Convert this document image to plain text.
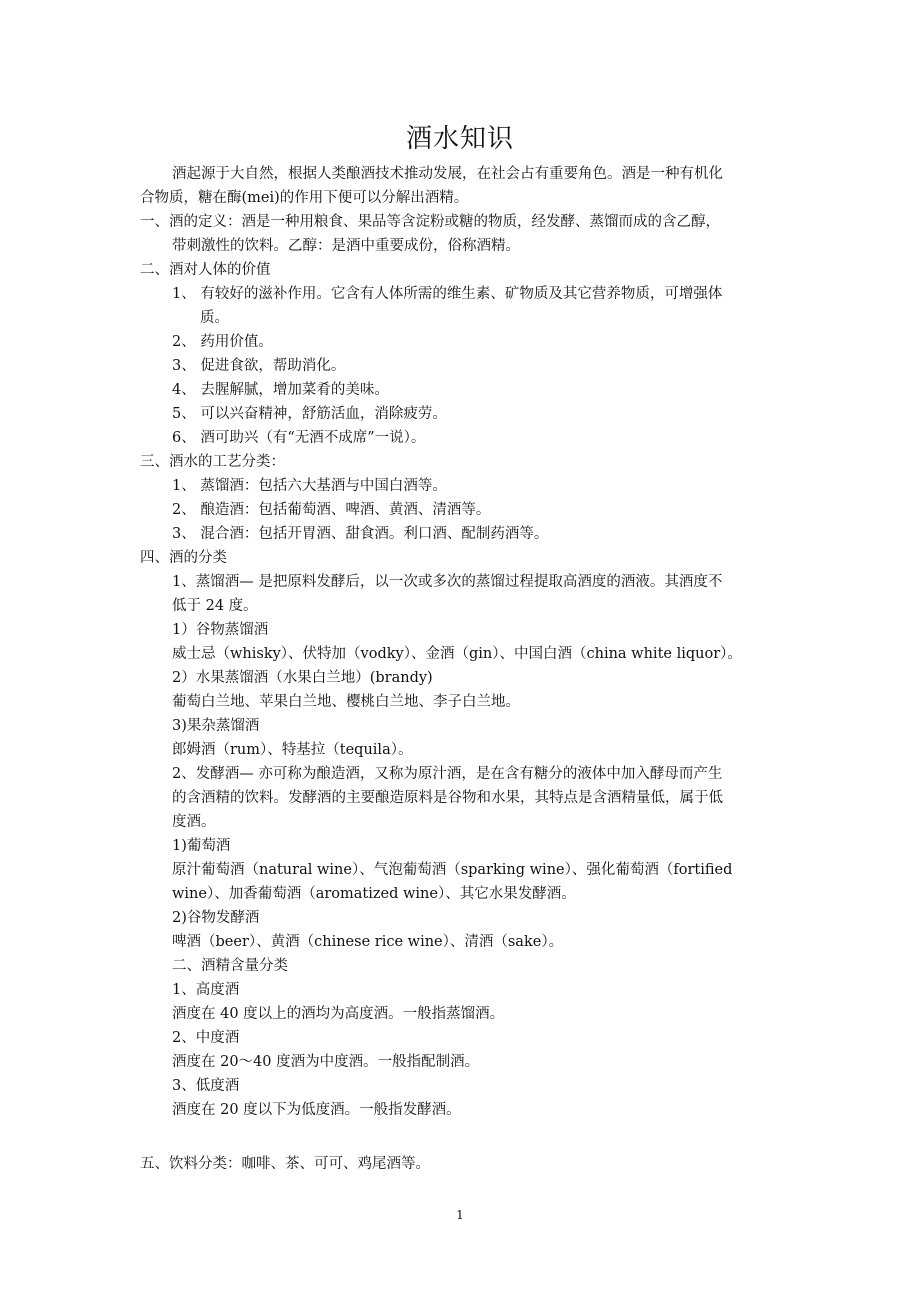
酒水知识
酒起源于大自然，根据人类酿酒技术推动发展，在社会占有重要角色。酒是一种有机化
合物质，糖在酶(mei)的作用下便可以分解出酒精。
一、酒的定义：酒是一种用粮食、果品等含淀粉或糖的物质，经发酵、蒸馏而成的含乙醇，
带刺激性的饮料。乙醇：是酒中重要成份，俗称酒精。
二、酒对人体的价值
1、 有较好的滋补作用。它含有人体所需的维生素、矿物质及其它营养物质，可增强体
质。
2、 药用价值。
3、 促进食欲，帮助消化。
4、 去腥解腻，增加菜肴的美味。
5、 可以兴奋精神，舒筋活血，消除疲劳。
6、 酒可助兴（有“无酒不成席”一说）。
三、酒水的工艺分类：
1、 蒸馏酒：包括六大基酒与中国白酒等。
2、 酿造酒：包括葡萄酒、啤酒、黄酒、清酒等。
3、 混合酒：包括开胃酒、甜食酒。利口酒、配制药酒等。
四、酒的分类
1、蒸馏酒— 是把原料发酵后，以一次或多次的蒸馏过程提取高酒度的酒液。其酒度不
低于 24 度。
1）谷物蒸馏酒
威士忌（whisky）、伏特加（vodky）、金酒（gin）、中国白酒（china white liquor）。
2）水果蒸馏酒（水果白兰地）(brandy)
葡萄白兰地、苹果白兰地、樱桃白兰地、李子白兰地。
3)果杂蒸馏酒
郎姆酒（rum）、特基拉（tequila）。
2、发酵酒— 亦可称为酿造酒，又称为原汁酒，是在含有糖分的液体中加入酵母而产生
的含酒精的饮料。发酵酒的主要酿造原料是谷物和水果，其特点是含酒精量低，属于低
度酒。
1)葡萄酒
原汁葡萄酒（natural wine）、气泡葡萄酒（sparking wine）、强化葡萄酒（fortified
wine）、加香葡萄酒（aromatized wine）、其它水果发酵酒。
2)谷物发酵酒
啤酒（beer）、黄酒（chinese rice wine）、清酒（sake）。
二、酒精含量分类
1、高度酒
酒度在 40 度以上的酒均为高度酒。一般指蒸馏酒。
2、中度酒
酒度在 20～40 度酒为中度酒。一般指配制酒。
3、低度酒
酒度在 20 度以下为低度酒。一般指发酵酒。
五、饮料分类：咖啡、茶、可可、鸡尾酒等。
1
